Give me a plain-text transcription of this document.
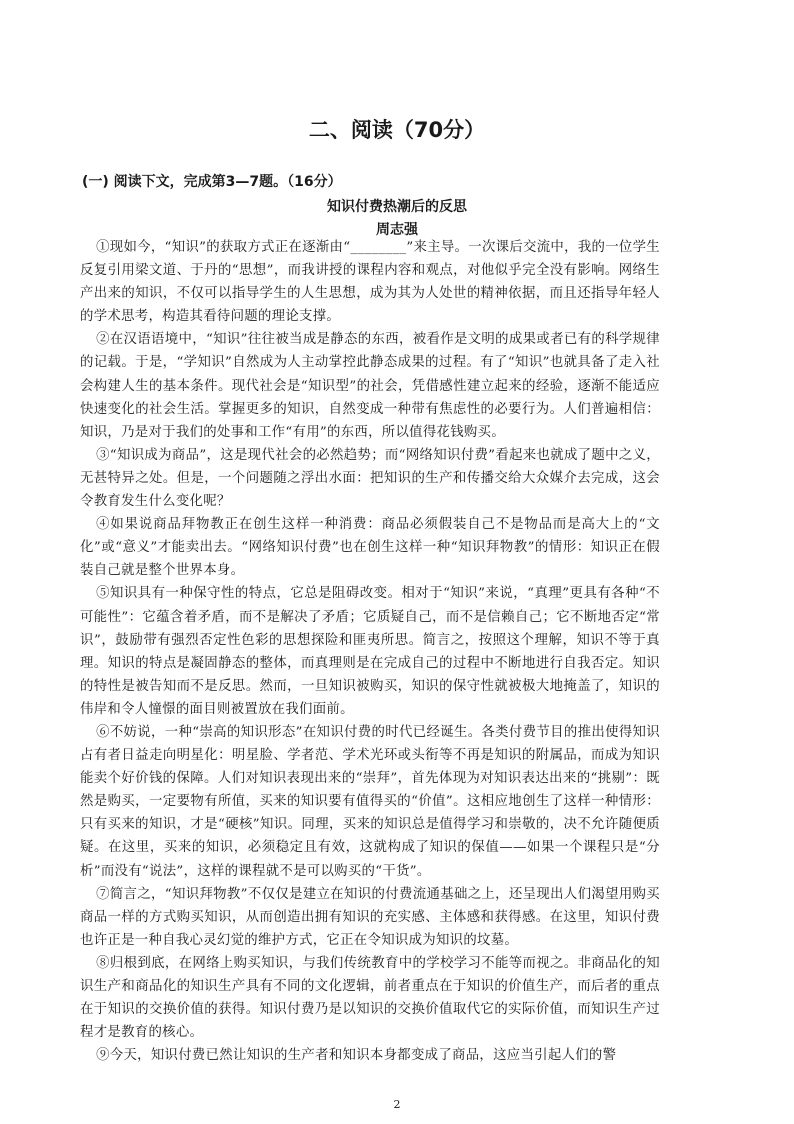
二、阅读（70分）
(一) 阅读下文，完成第3—7题。（16分）
知识付费热潮后的反思
周志强

①现如今，“知识”的获取方式正在逐渐由“________”来主导。一次课后交流中，我的一位学生反复引用梁文道、于丹的“思想”，而我讲授的课程内容和观点，对他似乎完全没有影响。网络生产出来的知识，不仅可以指导学生的人生思想，成为其为人处世的精神依据，而且还指导年轻人的学术思考，构造其看待问题的理论支撑。

②在汉语语境中，“知识”往往被当成是静态的东西，被看作是文明的成果或者已有的科学规律的记载。于是，“学知识”自然成为人主动掌控此静态成果的过程。有了“知识”也就具备了走入社会构建人生的基本条件。现代社会是“知识型”的社会，凭借感性建立起来的经验，逐渐不能适应快速变化的社会生活。掌握更多的知识，自然变成一种带有焦虑性的必要行为。人们普遍相信：知识，乃是对于我们的处事和工作“有用”的东西，所以值得花钱购买。

③“知识成为商品”，这是现代社会的必然趋势；而“网络知识付费”看起来也就成了题中之义，无甚特异之处。但是，一个问题随之浮出水面：把知识的生产和传播交给大众媒介去完成，这会令教育发生什么变化呢？

④如果说商品拜物教正在创生这样一种消费：商品必须假装自己不是物品而是高大上的“文化”或“意义”才能卖出去。“网络知识付费”也在创生这样一种“知识拜物教”的情形：知识正在假装自己就是整个世界本身。

⑤知识具有一种保守性的特点，它总是阻碍改变。相对于“知识”来说，“真理”更具有各种“不可能性”：它蕴含着矛盾，而不是解决了矛盾；它质疑自己，而不是信赖自己；它不断地否定“常识”，鼓励带有强烈否定性色彩的思想探险和匪夷所思。简言之，按照这个理解，知识不等于真理。知识的特点是凝固静态的整体，而真理则是在完成自己的过程中不断地进行自我否定。知识的特性是被告知而不是反思。然而，一旦知识被购买，知识的保守性就被极大地掩盖了，知识的伟岸和令人憧憬的面目则被置放在我们面前。

⑥不妨说，一种“崇高的知识形态”在知识付费的时代已经诞生。各类付费节目的推出使得知识占有者日益走向明星化：明星脸、学者范、学术光环或头衔等不再是知识的附属品，而成为知识能卖个好价钱的保障。人们对知识表现出来的“崇拜”，首先体现为对知识表达出来的“挑剔”：既然是购买，一定要物有所值，买来的知识要有值得买的“价值”。这相应地创生了这样一种情形：只有买来的知识，才是“硬核”知识。同理，买来的知识总是值得学习和崇敬的，决不允许随便质疑。在这里，买来的知识，必须稳定且有效，这就构成了知识的保值——如果一个课程只是“分析”而没有“说法”，这样的课程就不是可以购买的“干货”。

⑦简言之，“知识拜物教”不仅仅是建立在知识的付费流通基础之上，还呈现出人们渴望用购买商品一样的方式购买知识，从而创造出拥有知识的充实感、主体感和获得感。在这里，知识付费也许正是一种自我心灵幻觉的维护方式，它正在令知识成为知识的坟墓。

⑧归根到底，在网络上购买知识，与我们传统教育中的学校学习不能等而视之。非商品化的知识生产和商品化的知识生产具有不同的文化逻辑，前者重点在于知识的价值生产，而后者的重点在于知识的交换价值的获得。知识付费乃是以知识的交换价值取代它的实际价值，而知识生产过程才是教育的核心。

⑨今天，知识付费已然让知识的生产者和知识本身都变成了商品，这应当引起人们的警

2
